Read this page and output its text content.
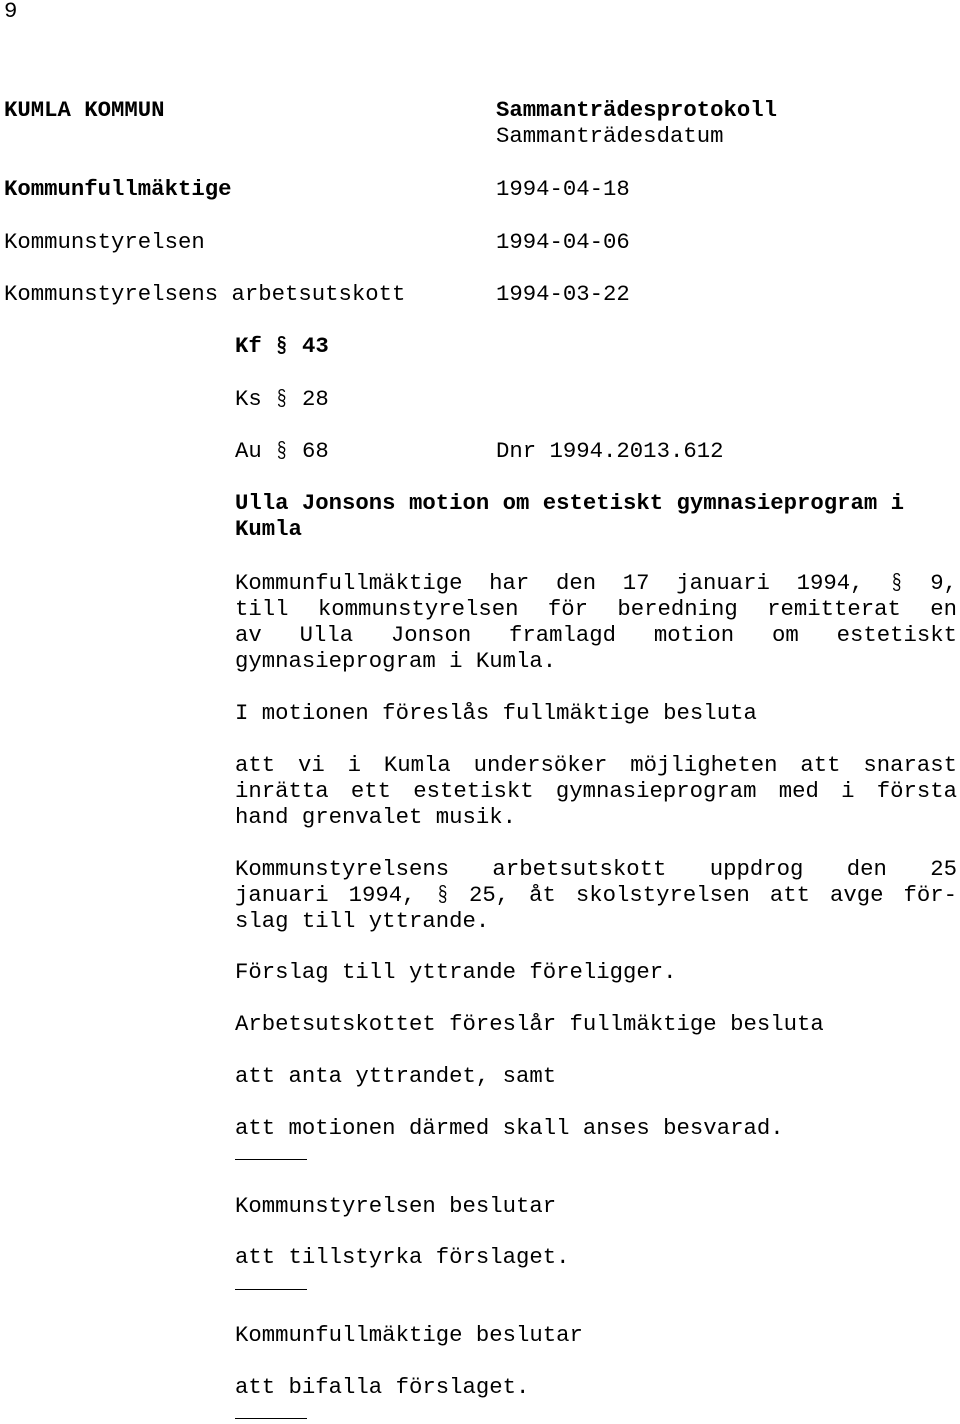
9

KUMLA KOMMUN	Sammanträdesprotokoll

Sammanträdesdatum

Kommunfullmäktige	1994-04-18

Kommunstyrelsen	1994-04-06

Kommunstyrelsens arbetsutskott	1994-03-22

Kf § 43

Ks § 28

Au § 68	Dnr 1994.2013.612

Ulla Jonsons motion om estetiskt gymnasieprogram i
Kumla
Kommunfullmäktige har den 17 januari 1994, § 9,
till kommunstyrelsen för beredning remitterat en
av Ulla Jonson framlagd motion om estetiskt
gymnasieprogram i Kumla.

I motionen föreslås fullmäktige besluta

att vi i Kumla undersöker möjligheten att snarast
inrätta ett estetiskt gymnasieprogram med i första
hand grenvalet musik.
Kommunstyrelsens arbetsutskott uppdrog den 25
januari 1994, § 25, åt skolstyrelsen att avge för-
slag till yttrande.

Förslag till yttrande föreligger.

Arbetsutskottet föreslår fullmäktige besluta

att anta yttrandet, samt

att motionen därmed skall anses besvarad.

Kommunstyrelsen beslutar

att tillstyrka förslaget.

Kommunfullmäktige beslutar

att bifalla förslaget.
